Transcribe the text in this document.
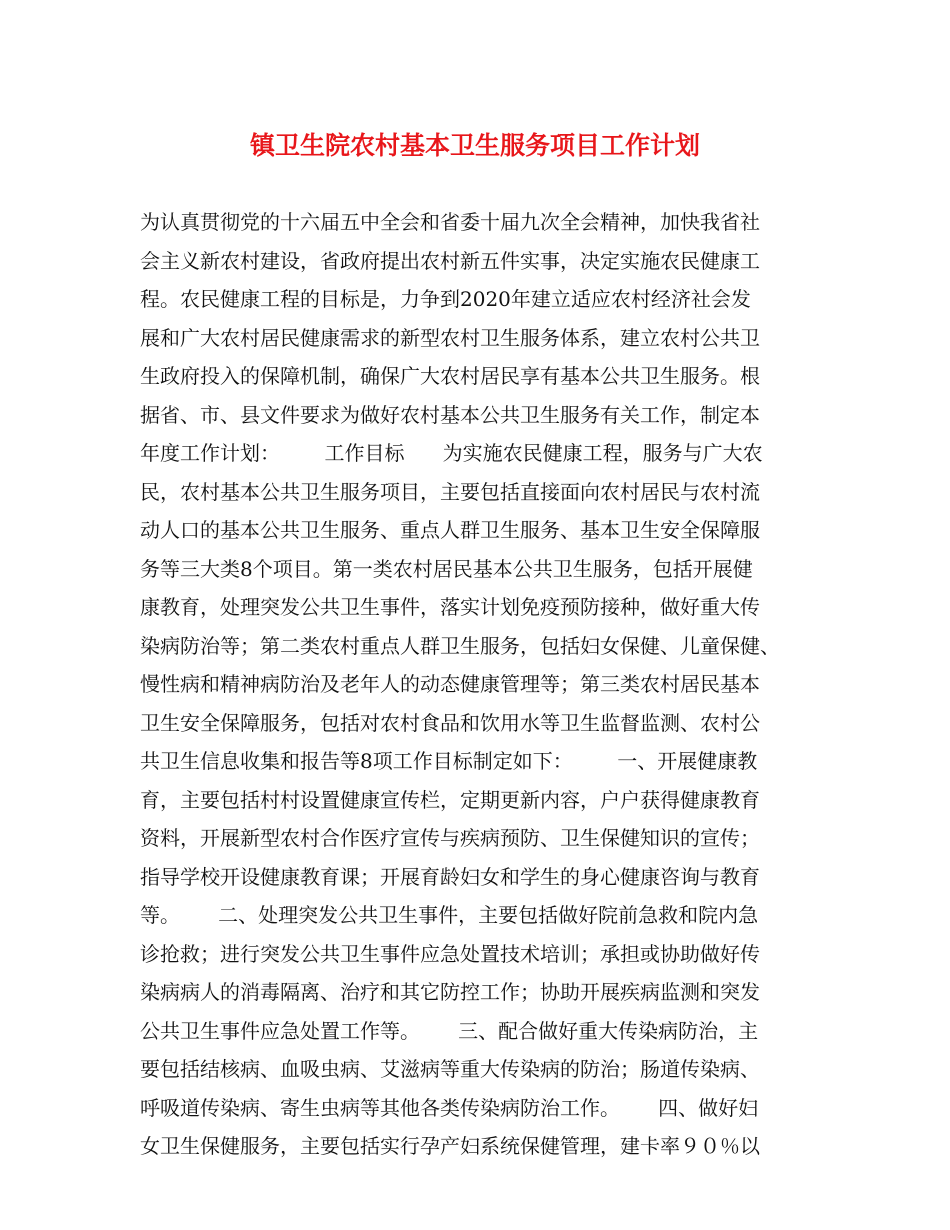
镇卫生院农村基本卫生服务项目工作计划
为认真贯彻党的十六届五中全会和省委十届九次全会精神，加快我省社
会主义新农村建设，省政府提出农村新五件实事，决定实施农民健康工
程。农民健康工程的目标是，力争到2020年建立适应农村经济社会发
展和广大农村居民健康需求的新型农村卫生服务体系，建立农村公共卫
生政府投入的保障机制，确保广大农村居民享有基本公共卫生服务。根
据省、市、县文件要求为做好农村基本公共卫生服务有关工作，制定本
年度工作计划：       工作目标      为实施农民健康工程，服务与广大农
民，农村基本公共卫生服务项目，主要包括直接面向农村居民与农村流
动人口的基本公共卫生服务、重点人群卫生服务、基本卫生安全保障服
务等三大类8个项目。第一类农村居民基本公共卫生服务，包括开展健
康教育，处理突发公共卫生事件，落实计划免疫预防接种，做好重大传
染病防治等；第二类农村重点人群卫生服务，包括妇女保健、儿童保健、
慢性病和精神病防治及老年人的动态健康管理等；第三类农村居民基本
卫生安全保障服务，包括对农村食品和饮用水等卫生监督监测、农村公
共卫生信息收集和报告等8项工作目标制定如下：       一、开展健康教
育，主要包括村村设置健康宣传栏，定期更新内容，户户获得健康教育
资料，开展新型农村合作医疗宣传与疾病预防、卫生保健知识的宣传；
指导学校开设健康教育课；开展育龄妇女和学生的身心健康咨询与教育
等。      二、处理突发公共卫生事件，主要包括做好院前急救和院内急
诊抢救；进行突发公共卫生事件应急处置技术培训；承担或协助做好传
染病病人的消毒隔离、治疗和其它防控工作；协助开展疾病监测和突发
公共卫生事件应急处置工作等。      三、配合做好重大传染病防治，主
要包括结核病、血吸虫病、艾滋病等重大传染病的防治；肠道传染病、
呼吸道传染病、寄生虫病等其他各类传染病防治工作。      四、做好妇
女卫生保健服务，主要包括实行孕产妇系统保健管理，建卡率９０％以
